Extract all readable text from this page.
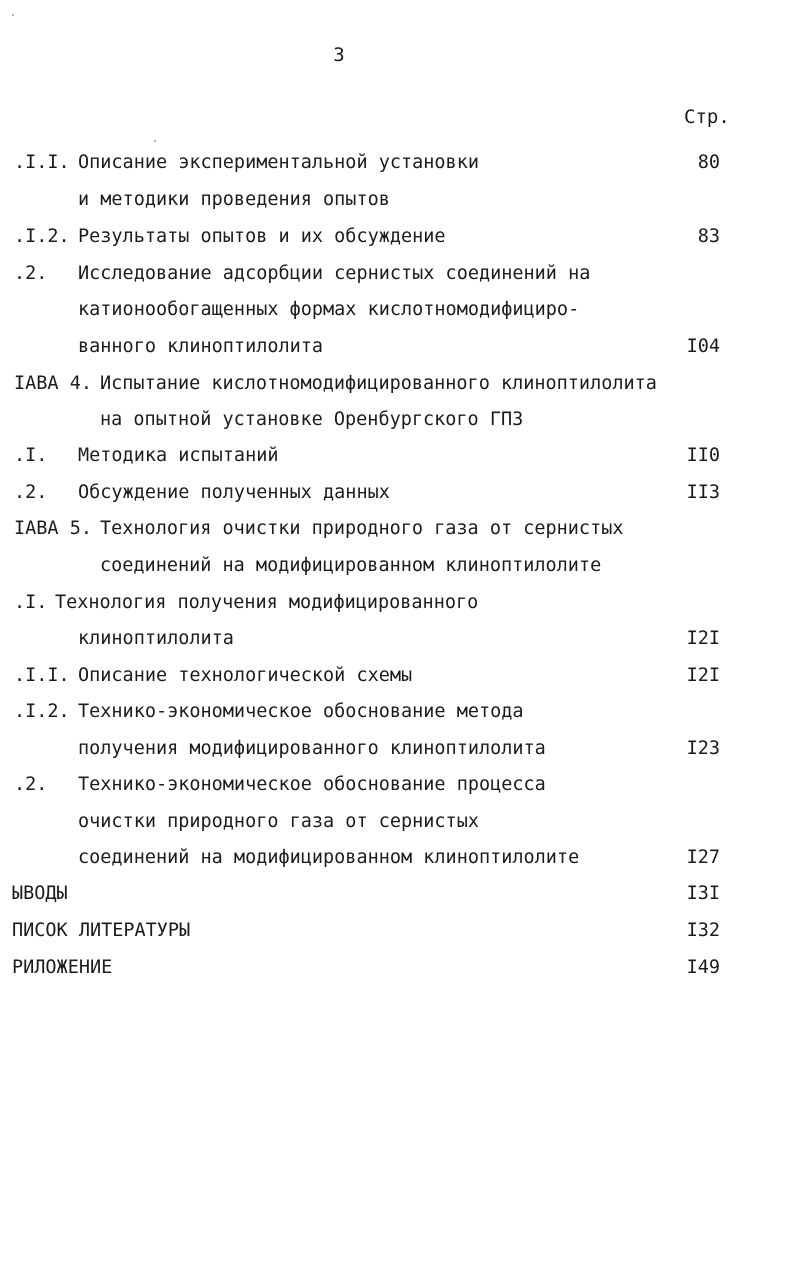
3

Стр.

.I.I. Описание экспериментальной установки	80
и методики проведения опытов
.I.2. Результаты опытов и их обсуждение	83
.2. Исследование адсорбции сернистых соединений на
катионообогащенных формах кислотномодифициро-
ванного клиноптилолита	I04
IАВА 4. Испытание кислотномодифицированного клиноптилолита
на опытной установке Оренбургского ГПЗ
.I. Методика испытаний	II0
.2. Обсуждение полученных данных	II3
IАВА 5. Технология очистки природного газа от сернистых
соединений на модифицированном клиноптилолите
.I. Технология получения модифицированного
клиноптилолита	I2I
.I.I. Описание технологической схемы	I2I
.I.2. Технико-экономическое обоснование метода
получения модифицированного клиноптилолита	I23
.2. Технико-экономическое обоснование процесса
очистки природного газа от сернистых
соединений на модифицированном клиноптилолите	I27
ЫВОДЫ	I3I
ПИСОК ЛИТЕРАТУРЫ	I32
РИЛОЖЕНИЕ	I49
